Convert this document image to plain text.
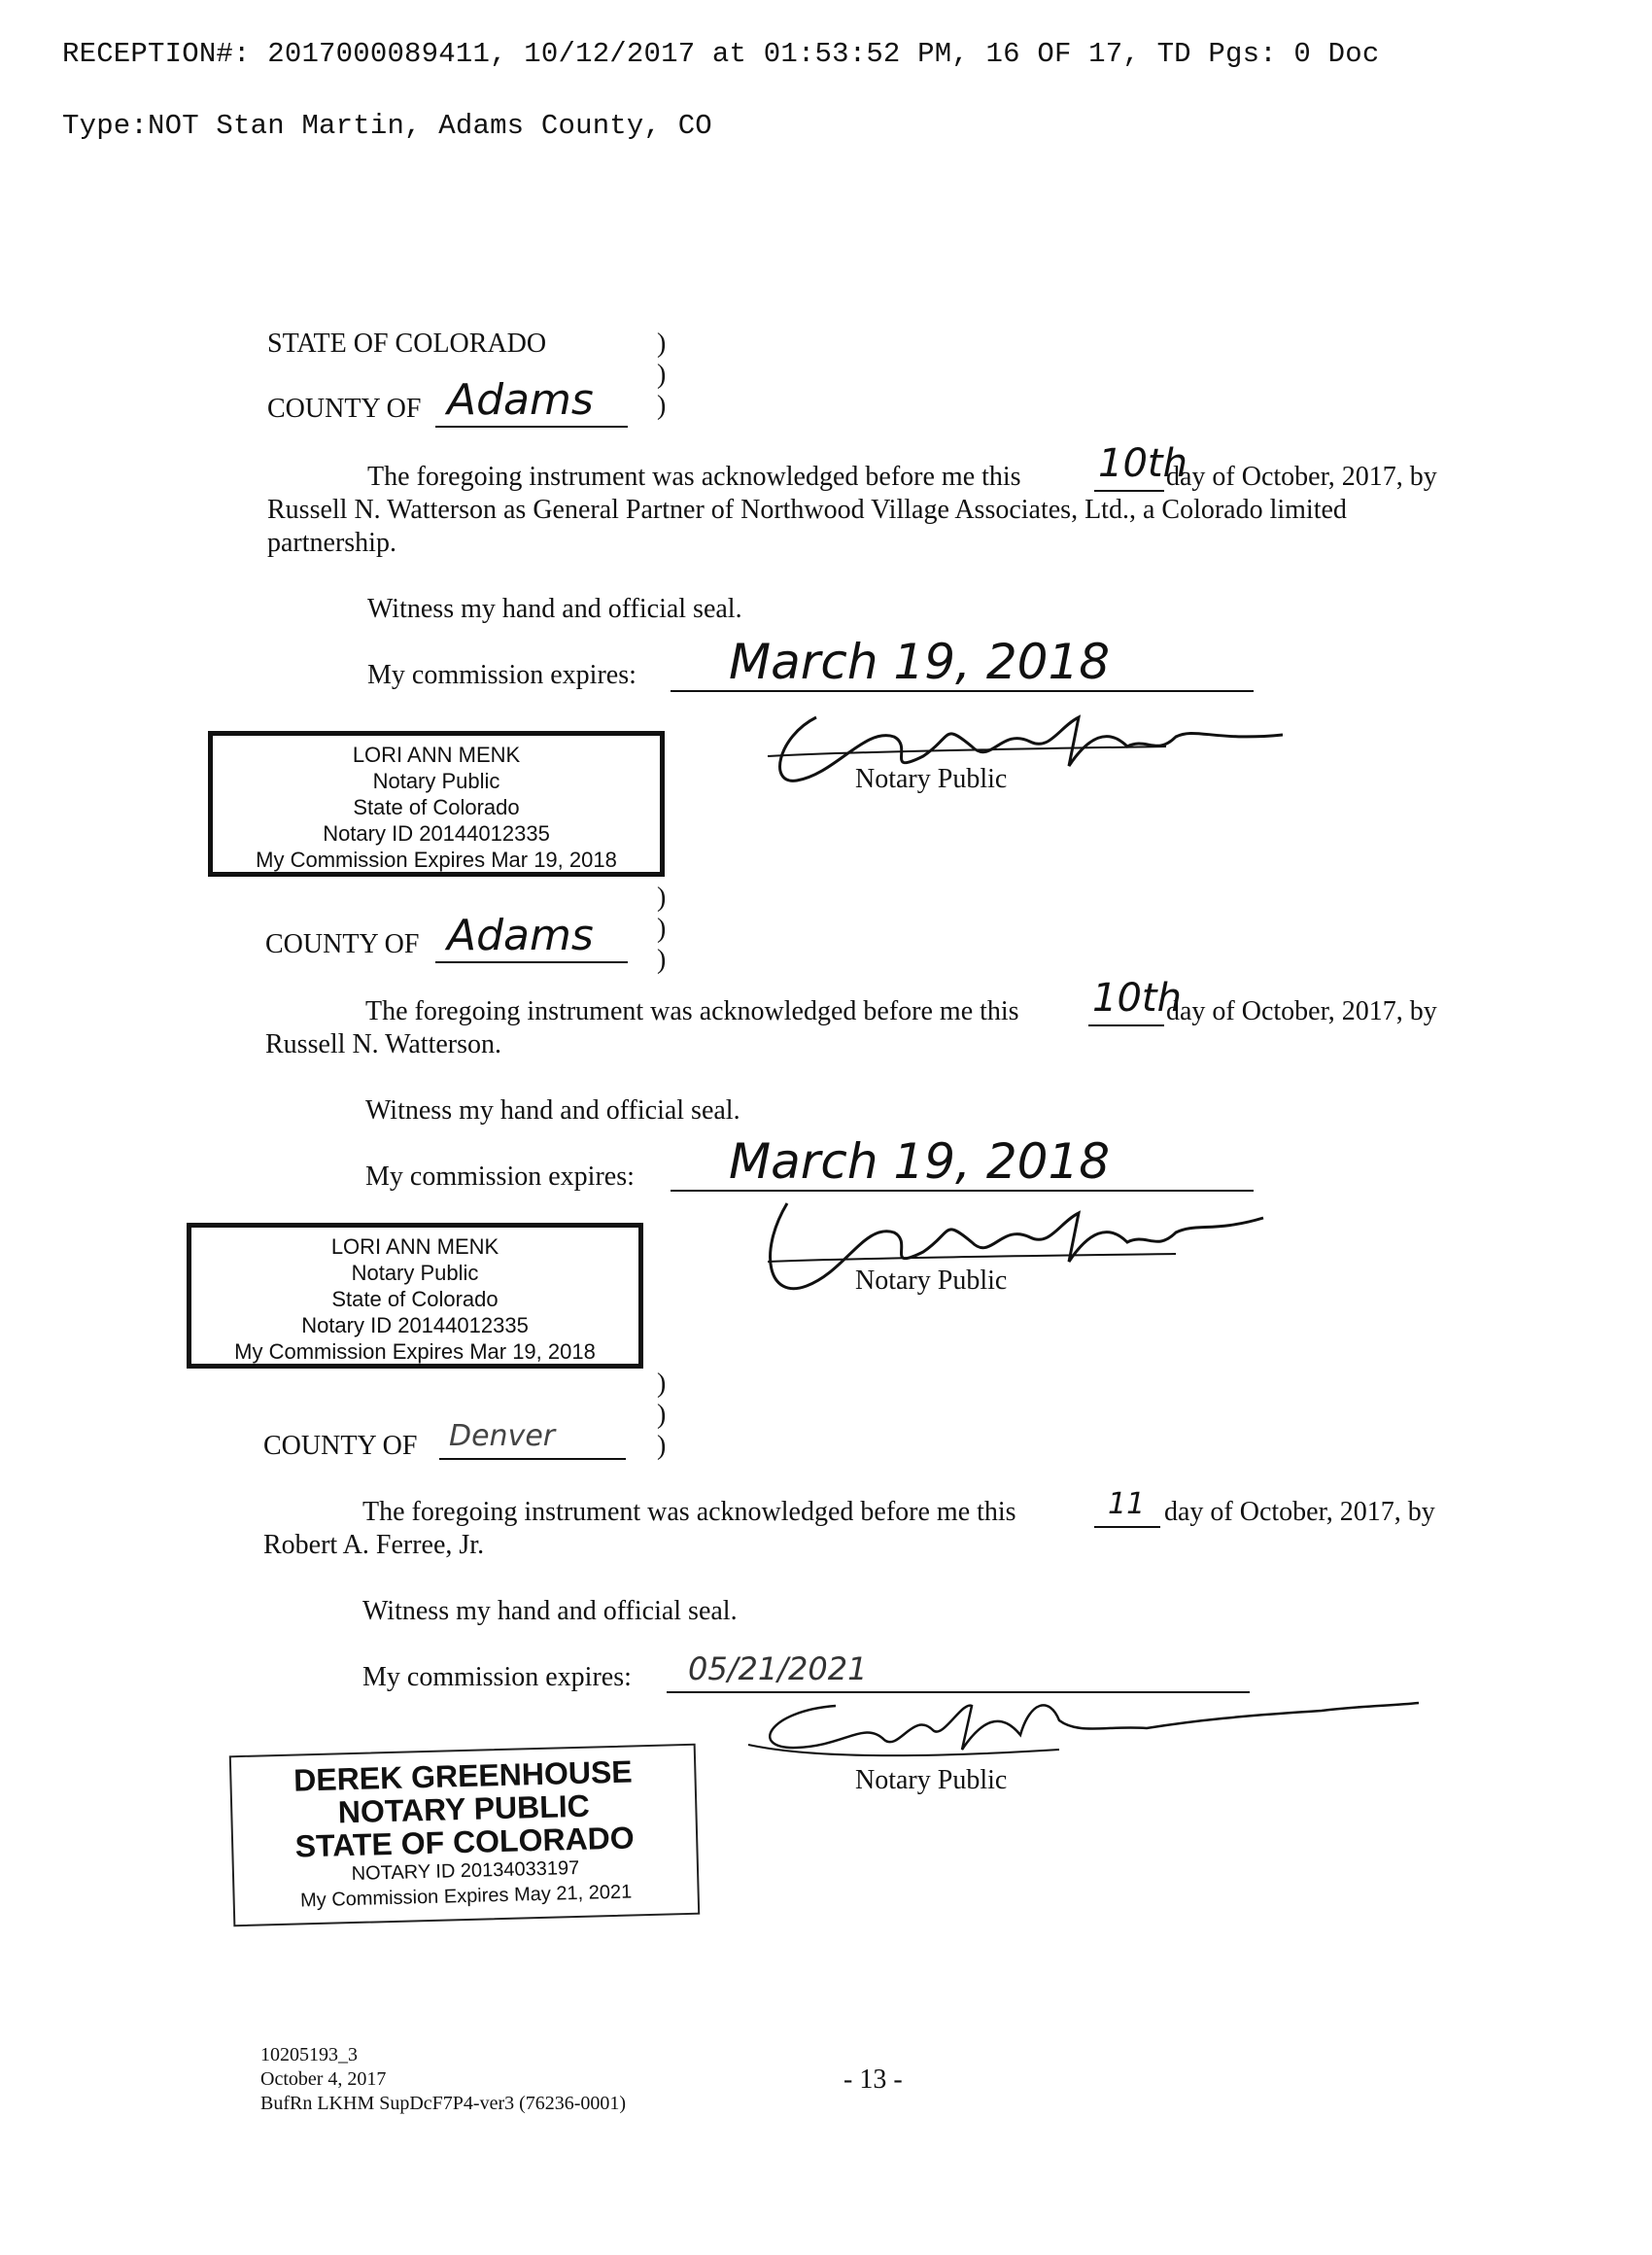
RECEPTION#: 2017000089411, 10/12/2017 at 01:53:52 PM, 16 OF 17, TD Pgs: 0 Doc

Type:NOT Stan Martin, Adams County, CO

STATE OF COLORADO	)
)
)
COUNTY OF Adams
The foregoing instrument was acknowledged before me this 10th
day of October, 2017, by
Russell N. Watterson as General Partner of Northwood Village Associates, Ltd., a Colorado limited
partnership.
Witness my hand and official seal.
My commission expires: March 19, 2018
Notary Public
LORI ANN MENK
Notary Public
State of Colorado
Notary ID 20144012335
My Commission Expires Mar 19, 2018
)
)
)
COUNTY OF Adams
The foregoing instrument was acknowledged before me this 10th
day of October, 2017, by
Russell N. Watterson.
Witness my hand and official seal.
My commission expires: March 19, 2018
Notary Public
LORI ANN MENK
Notary Public
State of Colorado
Notary ID 20144012335
My Commission Expires Mar 19, 2018
)
)
)
COUNTY OF Denver
The foregoing instrument was acknowledged before me this	11 day of October, 2017, by
Robert A. Ferree, Jr.
Witness my hand and official seal.
My commission expires: 05/21/2021
Notary Public
DEREK GREENHOUSE
NOTARY PUBLIC
STATE OF COLORADO
NOTARY ID 20134033197
My Commission Expires May 21, 2021
10205193_3
October 4, 2017
BufRn LKHM SupDcF7P4-ver3 (76236-0001)
- 13 -
